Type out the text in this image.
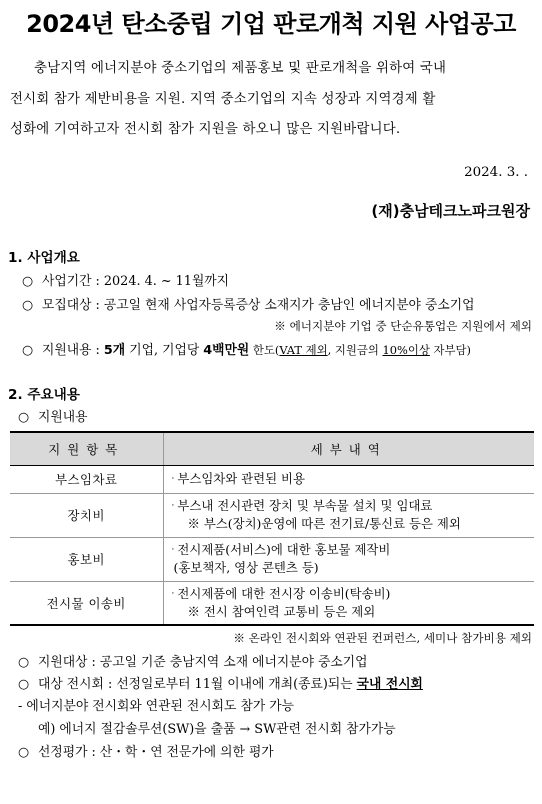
2024년 탄소중립 기업 판로개척 지원 사업공고
충남지역 에너지분야 중소기업의 제품홍보 및 판로개척을 위하여 국내
전시회 참가 제반비용을 지원. 지역 중소기업의 지속 성장과 지역경제 활
성화에 기여하고자 전시회 참가 지원을 하오니 많은 지원바랍니다.
2024. 3. .
(재)충남테크노파크원장
1. 사업개요
○ 사업기간 : 2024. 4. ~ 11월까지
○ 모집대상 : 공고일 현재 사업자등록증상 소재지가 충남인 에너지분야 중소기업
※ 에너지분야 기업 중 단순유통업은 지원에서 제외
○ 지원내용 : 5개 기업, 기업당 4백만원 한도(VAT 제외, 지원금의 10%이상 자부담)
2. 주요내용
○ 지원내용
지원항목	세부내역
부스임차료	· 부스임차와 관련된 비용
장치비	· 부스내 전시관련 장치 및 부속물 설치 및 임대료
※ 부스(장치)운영에 따른 전기료/통신료 등은 제외

홍보비	· 전시제품(서비스)에 대한 홍보물 제작비
(홍보책자, 영상 콘텐츠 등)

전시물 이송비	· 전시제품에 대한 전시장 이송비(탁송비)
※ 전시 참여인력 교통비 등은 제외
※ 온라인 전시회와 연관된 컨퍼런스, 세미나 참가비용 제외
○ 지원대상 : 공고일 기준 충남지역 소재 에너지분야 중소기업
○ 대상 전시회 : 선정일로부터 11월 이내에 개최(종료)되는 국내 전시회
- 에너지분야 전시회와 연관된 전시회도 참가 가능
예) 에너지 절감솔루션(SW)을 출품 → SW관련 전시회 참가가능
○ 선정평가 : 산・학・연 전문가에 의한 평가
